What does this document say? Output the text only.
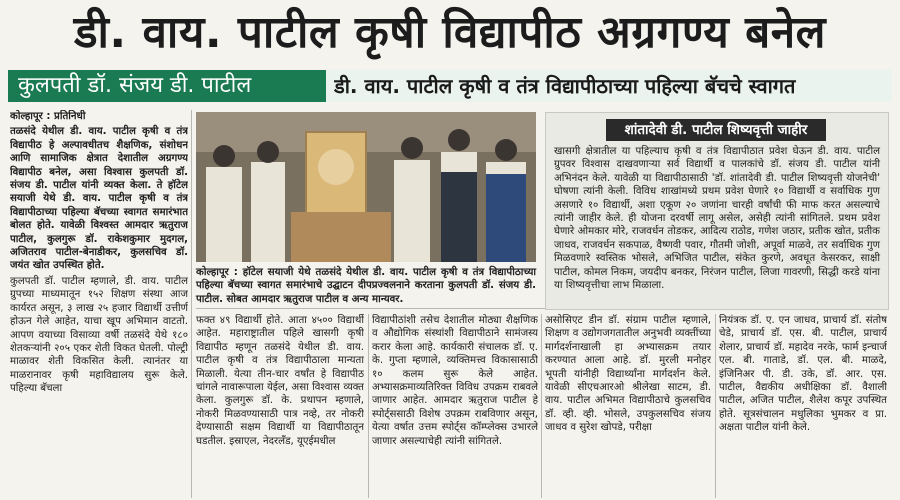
डी. वाय. पाटील कृषी विद्यापीठ अग्रगण्य बनेल
कुलपती डॉ. संजय डी. पाटील	डी. वाय. पाटील कृषी व तंत्र विद्यापीठाच्या पहिल्या बॅचचे स्वागत

कोल्हापूर : प्रतिनिधी

तळसंदे येथील डी. वाय. पाटील कृषी व तंत्र विद्यापीठ हे अल्पावधीतच शैक्षणिक, संशोधन आणि सामाजिक क्षेत्रात देशातील अग्रगण्य विद्यापीठ बनेल, असा विश्वास कुलपती डॉ. संजय डी. पाटील यांनी व्यक्त केला. ते हॉटेल सयाजी येथे डी. वाय. पाटील कृषी व तंत्र विद्यापीठाच्या पहिल्या बॅचच्या स्वागत समारंभात बोलत होते. यावेळी विश्वस्त आमदार ऋतुराज पाटील, कुलगुरू डॉ. राकेशकुमार मुदगल, अजितराव पाटील-बेनाडीकर, कुलसचिव डॉ. जयंत खोत उपस्थित होते.

कुलपती डॉ. पाटील म्हणाले, डी. वाय. पाटील ग्रुपच्या माध्यमातून १५२ शिक्षण संस्था आज कार्यरत असून, ३ लाख २५ हजार विद्यार्थी उत्तीर्ण होऊन गेले आहेत, याचा खूप अभिमान वाटतो. आपण वयाच्या विसाव्या वर्षी तळसंदे येथे १८० शेतकऱ्यांनी २०५ एकर शेती विकत घेतली. पोल्ट्री माळावर शेती विकसित केली. त्यानंतर या माळरानावर कृषी महाविद्यालय सुरू केले. पहिल्या बॅचला

कोल्हापूर : हॉटेल सयाजी येथे तळसंदे येथील डी. वाय. पाटील कृषी व तंत्र विद्यापीठाच्या पहिल्या बॅचच्या स्वागत समारंभाचे उद्घाटन दीपप्रज्वलनाने करताना कुलपती डॉ. संजय डी. पाटील. सोबत आमदार ऋतुराज पाटील व अन्य मान्यवर.
फक्त ४९ विद्यार्थी होते. आता ४५०० विद्यार्थी आहेत. महाराष्ट्रातील पहिले खासगी कृषी विद्यापीठ म्हणून तळसंदे येथील डी. वाय. पाटील कृषी व तंत्र विद्यापीठाला मान्यता मिळाली. येत्या तीन-चार वर्षांत हे विद्यापीठ चांगले नावारूपाला येईल, असा विश्वास व्यक्त केला. कुलगुरू डॉ. के. प्रथापन म्हणाले, नोकरी मिळवण्यासाठी पात्र नव्हे, तर नोकरी देण्यासाठी सक्षम विद्यार्थी या विद्यापीठातून घडतील. इस्राएल, नेदरलँड, यूएईमधील
विद्यापीठांशी तसेच देशातील मोठ्या शैक्षणिक व औद्योगिक संस्थांशी विद्यापीठाने सामंजस्य करार केला आहे. कार्यकारी संचालक डॉ. ए. के. गुप्ता म्हणाले, व्यक्तिमत्त्व विकासासाठी १० कलम सुरू केले आहेत. अभ्यासक्रमाव्यतिरिक्त विविध उपक्रम राबवले जाणार आहेत. आमदार ऋतुराज पाटील हे स्पोर्ट्ससाठी विशेष उपक्रम राबविणार असून, येत्या वर्षात उत्तम स्पोर्ट्स कॉम्प्लेक्स उभारले जाणार असल्याचेही त्यांनी सांगितले.
शांतादेवी डी. पाटील शिष्यवृत्ती जाहीर
खासगी क्षेत्रातील या पहिल्याच कृषी व तंत्र विद्यापीठात प्रवेश घेऊन डी. वाय. पाटील ग्रुपवर विश्वास दाखवणाऱ्या सर्व विद्यार्थी व पालकांचे डॉ. संजय डी. पाटील यांनी अभिनंदन केले. यावेळी या विद्यापीठासाठी 'डॉ. शांतादेवी डी. पाटील शिष्यवृत्ती योजनेची' घोषणा त्यांनी केली. विविध शाखांमध्ये प्रथम प्रवेश घेणारे १० विद्यार्थी व सर्वाधिक गुण असणारे १० विद्यार्थी, अशा एकूण २० जणांना चारही वर्षांची फी माफ करत असल्याचे त्यांनी जाहीर केले. ही योजना दरवर्षी लागू असेल, असेही त्यांनी सांगितले. प्रथम प्रवेश घेणारे ओमकार मोरे, राजवर्धन तोडकर, आदित्य राठोड, गणेश जठार, प्रतीक खोत, प्रतीक जाधव, राजवर्धन सकपाळ, वैष्णवी पवार, गौतमी जोशी, अपूर्वा माळवे, तर सर्वाधिक गुण मिळवणारे स्वस्तिक भोसले, अभिजित पाटील, संकेत कुरणे, अवधूत केसरकर, साक्षी पाटील, कोमल निकम, जयदीप बनकर, निरंजन पाटील, लिजा गावरणी, सिद्धी करडे यांना या शिष्यवृत्तीचा लाभ मिळाला.
असोसिएट डीन डॉ. संग्राम पाटील म्हणाले, शिक्षण व उद्योगजगतातील अनुभवी व्यक्तींच्या मार्गदर्शनाखाली हा अभ्यासक्रम तयार करण्यात आला आहे. डॉ. मुरली मनोहर भूपती यांनीही विद्यार्थ्यांना मार्गदर्शन केले. यावेळी सीएचआरओ श्रीलेखा साटम, डी. वाय. पाटील अभिमत विद्यापीठाचे कुलसचिव डॉ. व्ही. व्ही. भोसले, उपकुलसचिव संजय जाधव व सुरेश खोपडे, परीक्षा
नियंत्रक डॉ. ए. एन जाधव, प्राचार्य डॉ. संतोष चेडे, प्राचार्य डॉ. एस. बी. पाटील, प्राचार्य शेलार, प्राचार्य डॉ. महादेव नरके, फार्म इन्चार्ज एल. बी. गाताडे, डॉ. एल. बी. माळदे, इंजिनिअर पी. डी. उके, डॉ. आर. एस. पाटील, वैद्यकीय अधीक्षिका डॉ. वैशाली पाटील, अजित पाटील, शैलेश कपूर उपस्थित होते. सूत्रसंचालन मधुलिका भुमकर व प्रा. अक्षता पाटील यांनी केले.
